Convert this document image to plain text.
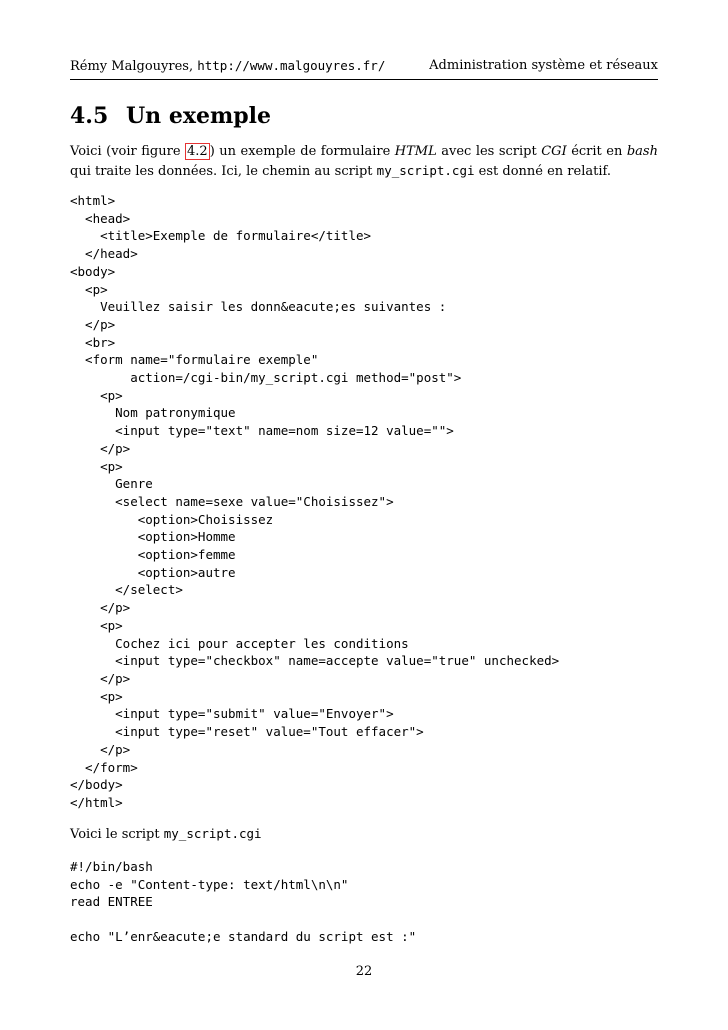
Rémy Malgouyres, http://www.malgouyres.fr/	Administration système et réseaux
4.5 Un exemple
Voici (voir figure 4.2 ) un exemple de formulaire HTML avec les script CGI écrit en bash qui traite les données. Ici, le chemin au script my_script.cgi est donné en relatif.
<html>
<head>
<title>Exemple de formulaire</title>
</head>
<body>
<p>
Veuillez saisir les donn&eacute;es suivantes :
</p>
<br>
<form name="formulaire exemple"
action=/cgi-bin/my_script.cgi method="post">
<p>
Nom patronymique
<input type="text" name=nom size=12 value="">
</p>
<p>
Genre
<select name=sexe value="Choisissez">
<option>Choisissez
<option>Homme
<option>femme
<option>autre
</select>
</p>
<p>
Cochez ici pour accepter les conditions
<input type="checkbox" name=accepte value="true" unchecked>
</p>
<p>
<input type="submit" value="Envoyer">
<input type="reset" value="Tout effacer">
</p>
</form>
</body>
</html>
Voici le script my_script.cgi
#!/bin/bash
echo -e "Content-type: text/html\n\n"
read ENTREE
echo "L’enr&eacute;e standard du script est :"
22
